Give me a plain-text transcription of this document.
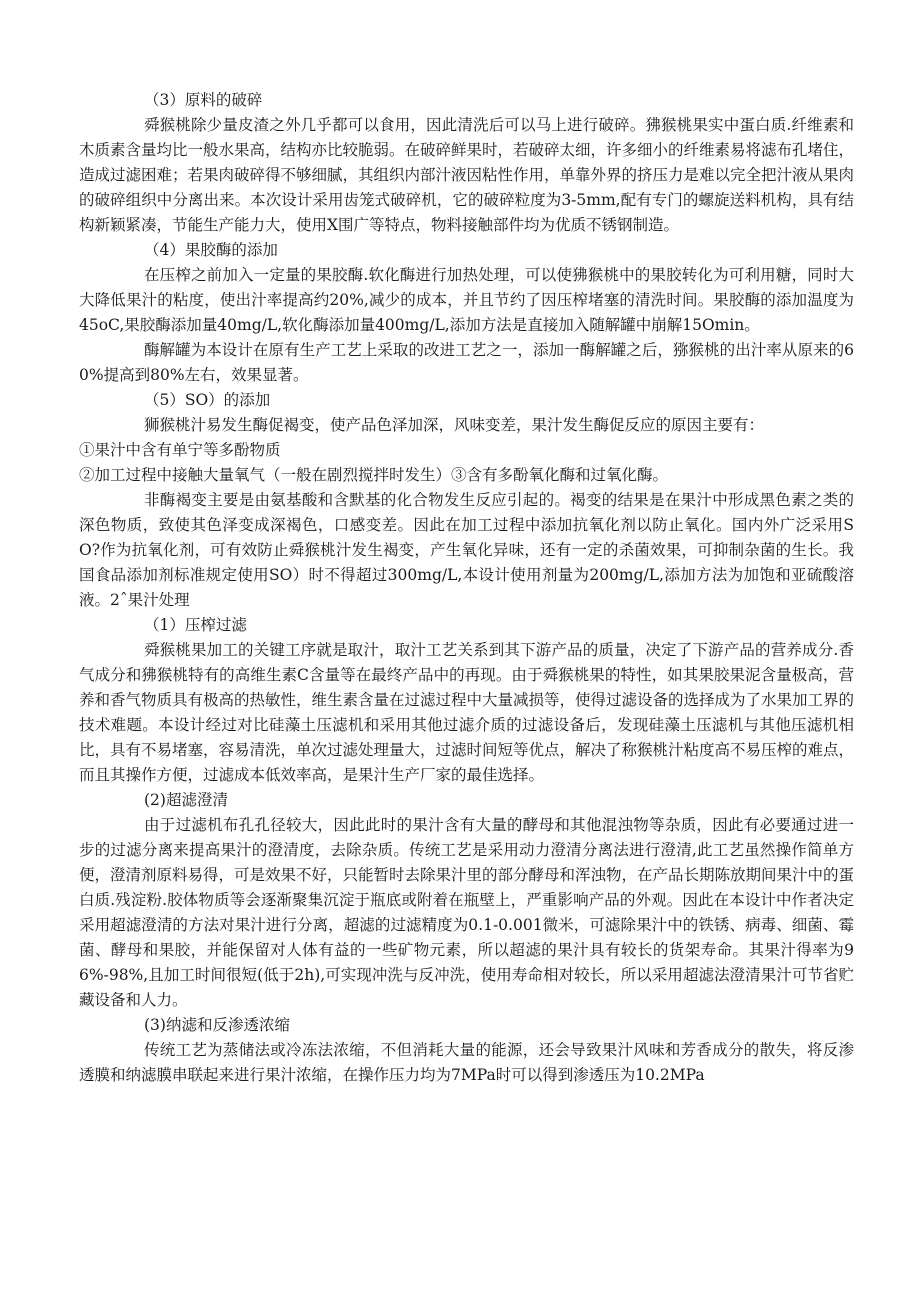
（3）原料的破碎

舜猴桃除少量皮渣之外几乎都可以食用，因此清洗后可以马上进行破碎。狒猴桃果实中蛋白质.纤维素和木质素含量均比一般水果高，结构亦比较脆弱。在破碎鲜果时，若破碎太细，许多细小的纤维素易将滤布孔堵住，造成过滤困难；若果肉破碎得不够细腻，其组织内部汁液因粘性作用，单靠外界的挤压力是难以完全把汁液从果肉的破碎组织中分离出来。本次设计采用齿笼式破碎机，它的破碎粒度为3-5mm,配有专门的螺旋送料机构，具有结构新颖紧凑，节能生产能力大，使用X围广等特点，物料接触部件均为优质不锈钢制造。

（4）果胶酶的添加

在压榨之前加入一定量的果胶酶.软化酶进行加热处理，可以使狒猴桃中的果胶转化为可利用糖，同时大大降低果汁的粘度，使出汁率提高约20%,减少的成本，并且节约了因压榨堵塞的清洗时间。果胶酶的添加温度为45oC,果胶酶添加量40mg/L,软化酶添加量400mg/L,添加方法是直接加入随解罐中崩解15Omin。

酶解罐为本设计在原有生产工艺上采取的改进工艺之一，添加一酶解罐之后，猕猴桃的出汁率从原来的60%提高到80%左右，效果显著。

（5）SO）的添加

狮猴桃汁易发生酶促褐变，使产品色泽加深，风味变差，果汁发生酶促反应的原因主要有：

①果汁中含有单宁等多酚物质

②加工过程中接触大量氧气（一般在剧烈搅拌时发生）③含有多酚氧化酶和过氧化酶。

非酶褐变主要是由氨基酸和含默基的化合物发生反应引起的。褐变的结果是在果汁中形成黑色素之类的深色物质，致使其色泽变成深褐色，口感变差。因此在加工过程中添加抗氧化剂以防止氧化。国内外广泛采用SO?作为抗氧化剂，可有效防止舜猴桃汁发生褐变，产生氧化异味，还有一定的杀菌效果，可抑制杂菌的生长。我国食品添加剂标准规定使用SO）时不得超过300mg/L,本设计使用剂量为200mg/L,添加方法为加饱和亚硫酸溶液。2ˆ果汁处理

（1）压榨过滤

舜猴桃果加工的关键工序就是取汁，取汁工艺关系到其下游产品的质量，决定了下游产品的营养成分.香气成分和狒猴桃特有的高维生素C含量等在最终产品中的再现。由于舜猴桃果的特性，如其果胶果泥含量极高，营养和香气物质具有极高的热敏性，维生素含量在过滤过程中大量减损等，使得过滤设备的选择成为了水果加工界的技术难题。本设计经过对比硅藻土压滤机和采用其他过滤介质的过滤设备后，发现硅藻土压滤机与其他压滤机相比，具有不易堵塞，容易清洗，单次过滤处理量大，过滤时间短等优点，解决了称猴桃汁粘度高不易压榨的难点，而且其操作方便，过滤成本低效率高，是果汁生产厂家的最佳选择。

(2)超滤澄清

由于过滤机布孔孔径较大，因此此时的果汁含有大量的酵母和其他混浊物等杂质，因此有必要通过进一步的过滤分离来提高果汁的澄清度，去除杂质。传统工艺是采用动力澄清分离法进行澄清,此工艺虽然操作简单方便，澄清剂原料易得，可是效果不好，只能暂时去除果汁里的部分酵母和浑浊物，在产品长期陈放期间果汁中的蛋白质.残淀粉.胶体物质等会逐渐聚集沉淀于瓶底或附着在瓶壁上，严重影响产品的外观。因此在本设计中作者决定采用超滤澄清的方法对果汁进行分离，超滤的过滤精度为0.1-0.001微米，可滤除果汁中的铁锈、病毒、细菌、霉菌、酵母和果胶，并能保留对人体有益的一些矿物元素，所以超滤的果汁具有较长的货架寿命。其果汁得率为96%-98%,且加工时间很短(低于2h),可实现冲洗与反冲洗，使用寿命相对较长，所以采用超滤法澄清果汁可节省贮藏设备和人力。

(3)纳滤和反渗透浓缩

传统工艺为蒸储法或冷冻法浓缩，不但消耗大量的能源，还会导致果汁风味和芳香成分的散失，将反渗透膜和纳滤膜串联起来进行果汁浓缩，在操作压力均为7MPa时可以得到渗透压为10.2MPa
